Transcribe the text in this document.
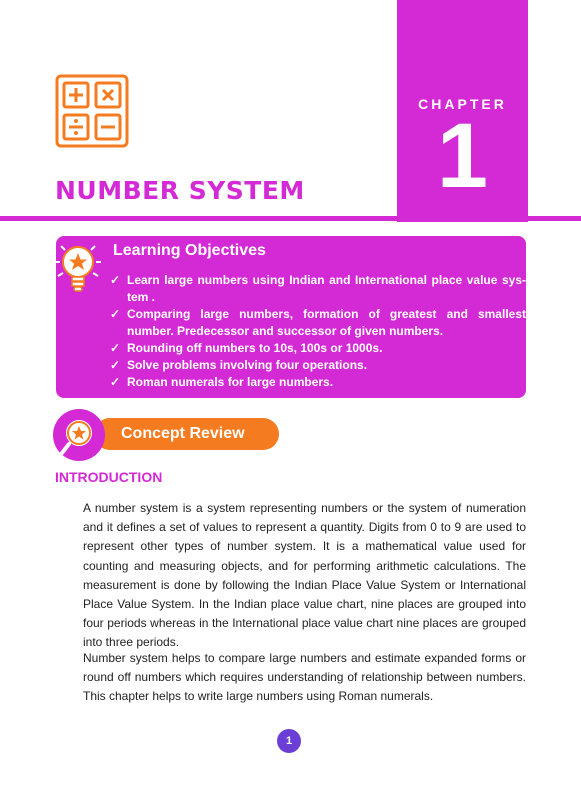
CHAPTER
1
NUMBER SYSTEM
Learning Objectives
✓ Learn large numbers using Indian and International place value sys- tem .
✓ Comparing large numbers, formation of greatest and smallest number. Predecessor and successor of given numbers.
✓ Rounding off numbers to 10s, 100s or 1000s.
✓ Solve problems involving four operations.
✓ Roman numerals for large numbers.
Concept Review
INTRODUCTION

A number system is a system representing numbers or the system of numeration and it defines a set of values to represent a quantity. Digits from 0 to 9 are used to represent other types of number system. It is a mathematical value used for counting and measuring objects, and for performing arithmetic calculations. The measurement is done by following the Indian Place Value System or International Place Value System. In the Indian place value chart, nine places are grouped into four periods whereas in the International place value chart nine places are grouped into three periods.

Number system helps to compare large numbers and estimate expanded forms or round off numbers which requires understanding of relationship between numbers. This chapter helps to write large numbers using Roman numerals.

1
